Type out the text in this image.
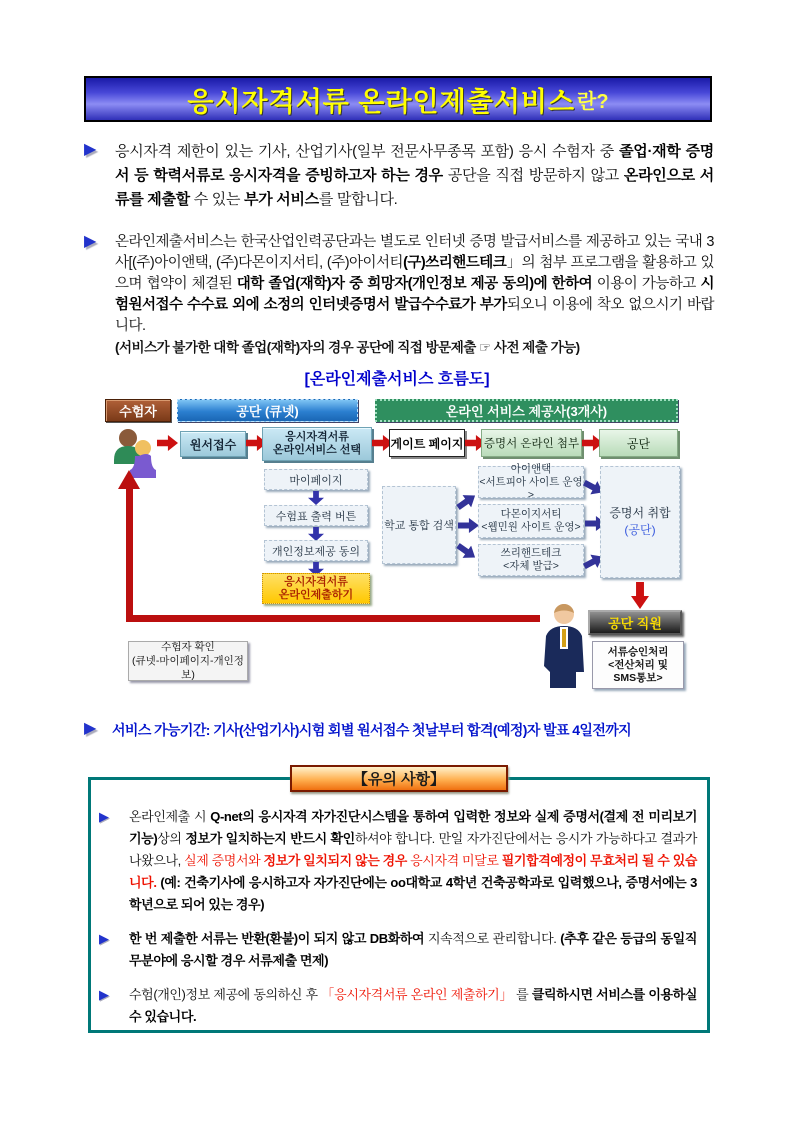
응시자격서류 온라인제출서비스 란?
▶	응시자격 제한이 있는 기사, 산업기사(일부 전문사무종목 포함) 응시 수험자 중 졸업·재학 증명서 등 학력서류로 응시자격을 증빙하고자 하는 경우 공단을 직접 방문하지 않고 온라인으로 서류를 제출할 수 있는 부가 서비스를 말합니다.
▶	온라인제출서비스는 한국산업인력공단과는 별도로 인터넷 증명 발급서비스를 제공하고 있는 국내 3사[(주)아이앤택, (주)다몬이지서티, (주)아이서티(구)쓰리핸드테크」의 첨부 프로그램을 활용하고 있으며 협약이 체결된 대학 졸업(재학)자 중 희망자(개인정보 제공 동의)에 한하여 이용이 가능하고 시험원서접수 수수료 외에 소정의 인터넷증명서 발급수수료가 부가되오니 이용에 착오 없으시기 바랍니다.
(서비스가 불가한 대학 졸업(재학)자의 경우 공단에 직접 방문제출 ☞ 사전 제출 가능)
[온라인제출서비스 흐름도]
수험자	공단 (큐넷)	온라인 서비스 제공사(3개사)
원서접수
응시자격서류
온라인서비스 선택 게이트 페이지 증명서 온라인 첨부	공단
마이페이지
수험표 출력 버튼
개인정보제공 동의
응시자격서류
온라인제출하기
학교 통합 검색
아이앤택
<서트피아 사이트 운영>
다몬이지서티
<웹민원 사이트 운영>
쓰리핸드테크
<자체 발급>
증명서 취합
(공단)
공단 직원
서류승인처리
<전산처리 및
SMS통보>
수험자 확인
(큐넷-마이페이지-개인정보)
▶	서비스 가능기간: 기사(산업기사)시험 회별 원서접수 첫날부터 합격(예정)자 발표 4일전까지
【유의 사항】
▶ 온라인제출 시 Q-net의 응시자격 자가진단시스템을 통하여 입력한 정보와 실제 증명서(결제 전 미리보기 기능)상의 정보가 일치하는지 반드시 확인하셔야 합니다. 만일 자가진단에서는 응시가 가능하다고 결과가 나왔으나, 실제 증명서와 정보가 일치되지 않는 경우 응시자격 미달로 필기합격예정이 무효처리 될 수 있습니다. (예: 건축기사에 응시하고자 자가진단에는 oo대학교 4학년 건축공학과로 입력했으나, 증명서에는 3학년으로 되어 있는 경우)
▶ 한 번 제출한 서류는 반환(환불)이 되지 않고 DB화하여 지속적으로 관리합니다. (추후 같은 등급의 동일직무분야에 응시할 경우 서류제출 면제)
▶ 수험(개인)정보 제공에 동의하신 후 「응시자격서류 온라인 제출하기」 를 클릭하시면 서비스를 이용하실 수 있습니다.
